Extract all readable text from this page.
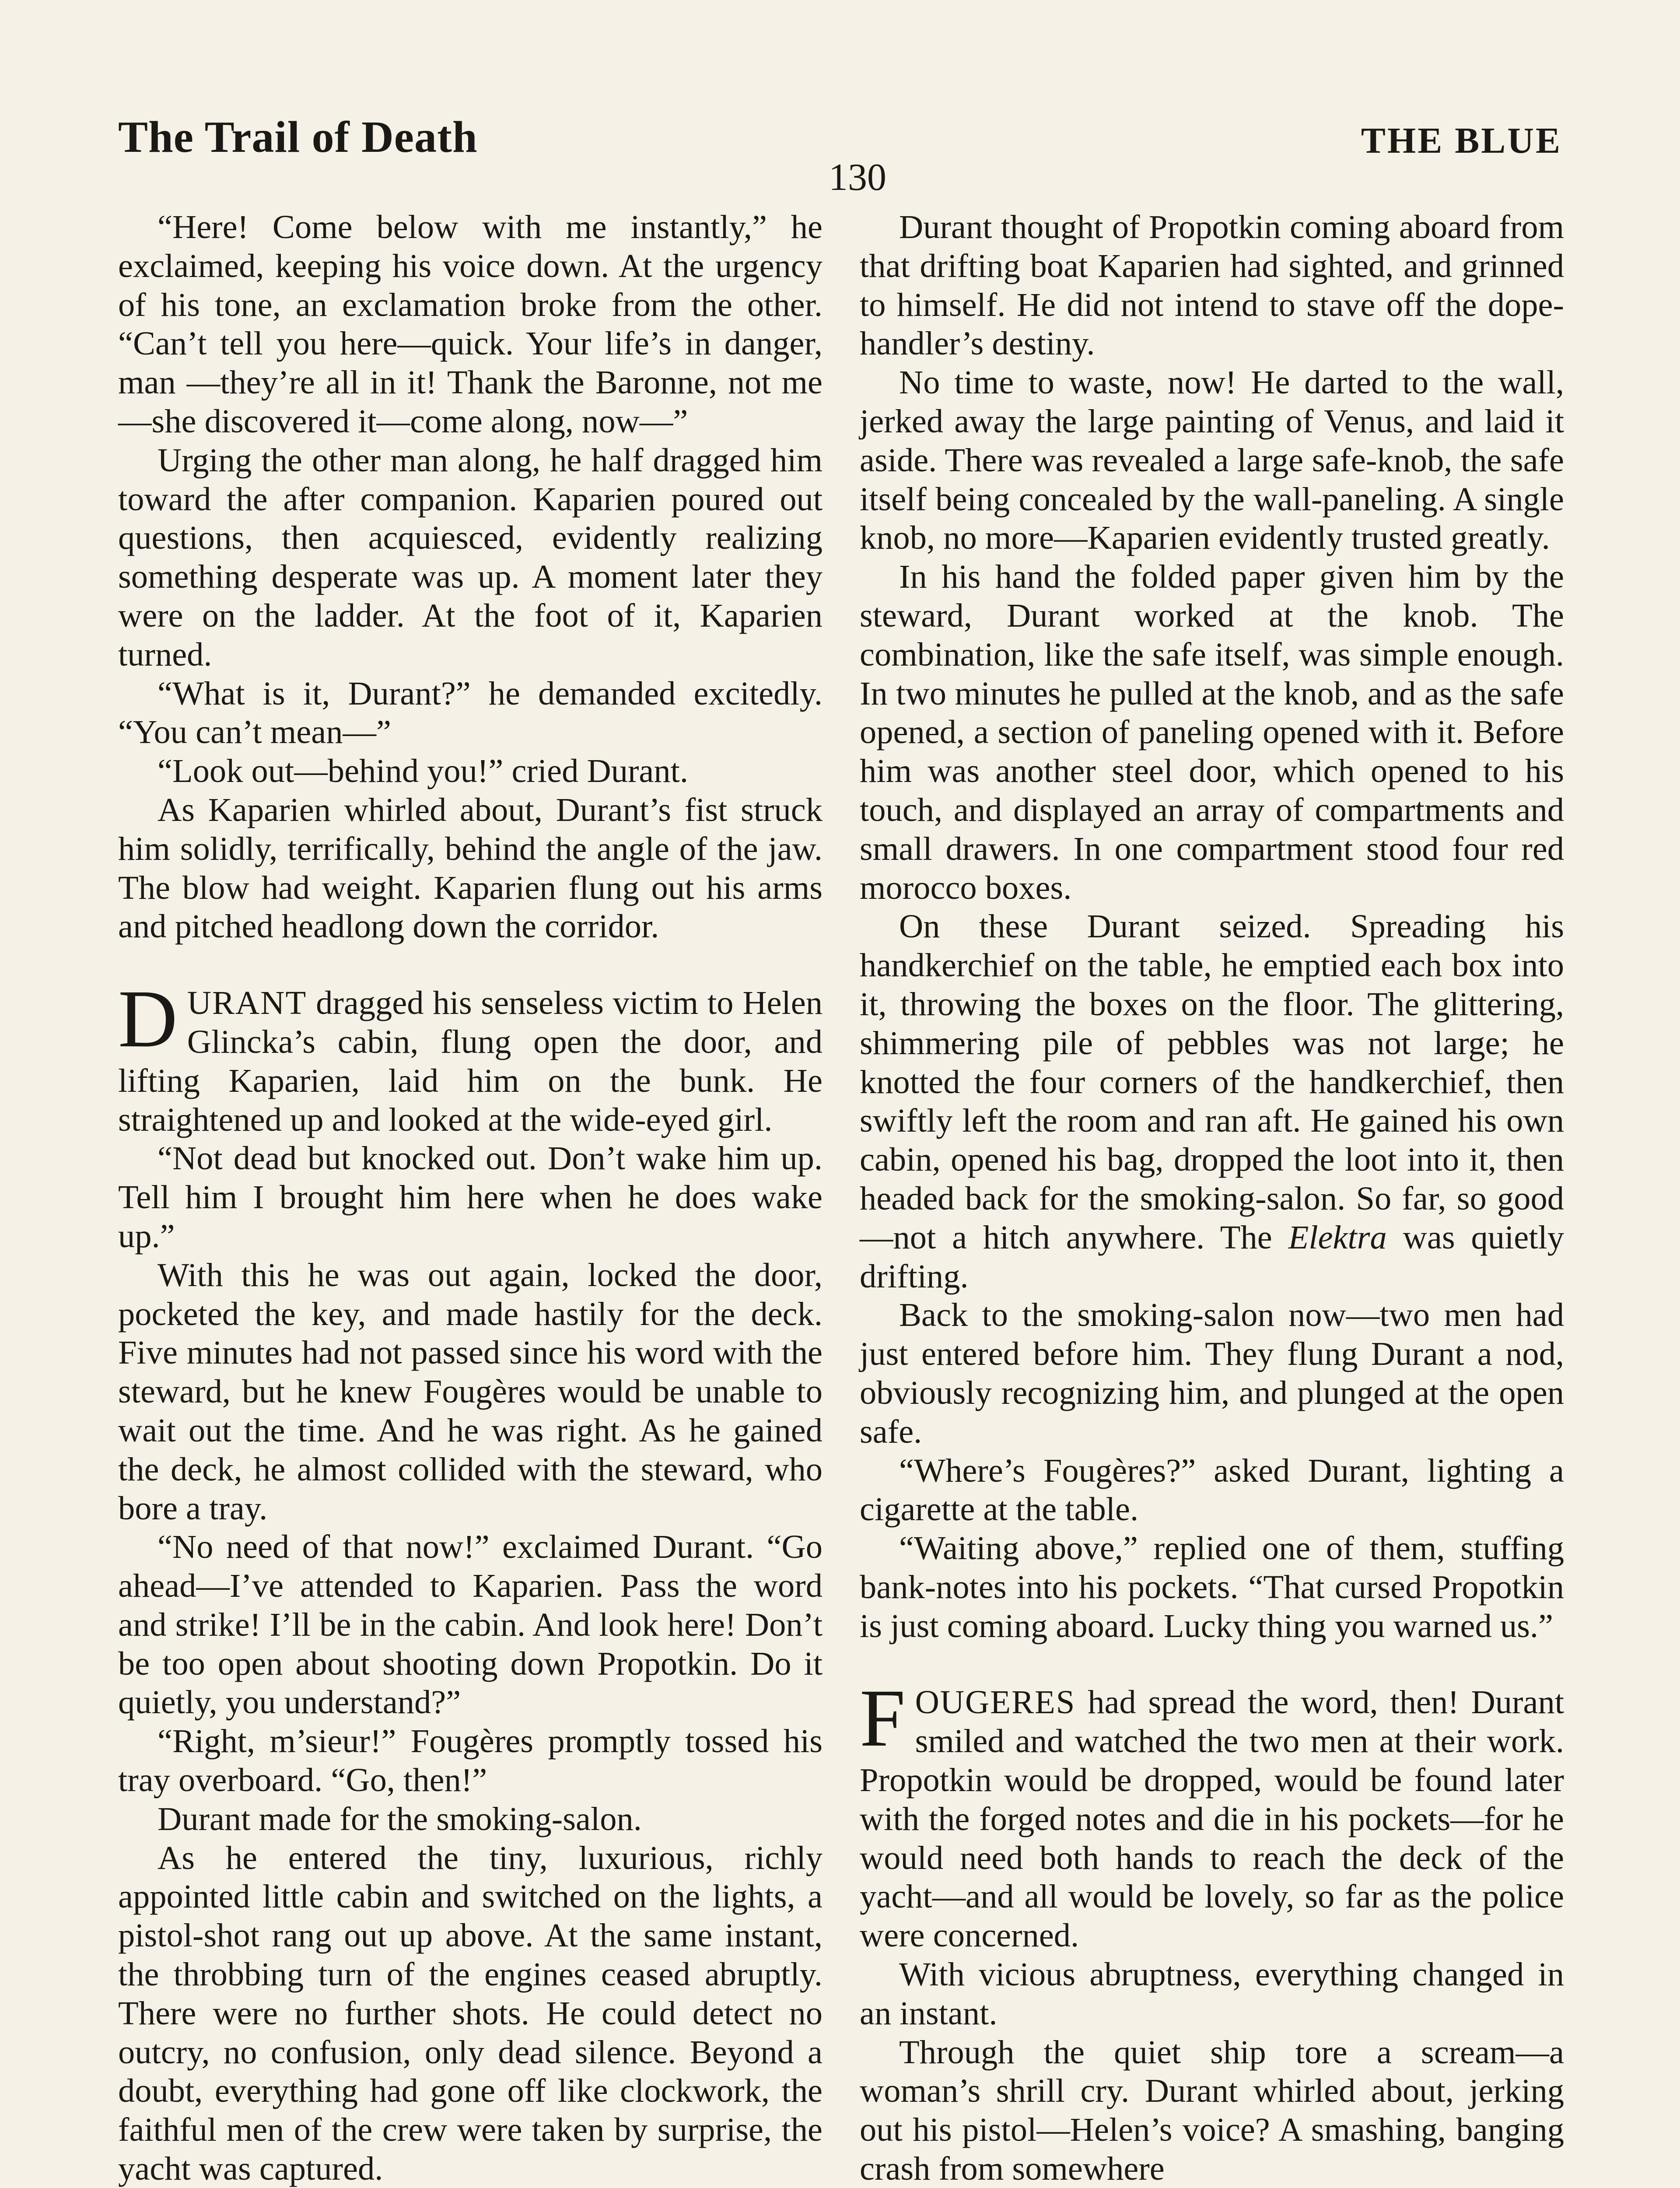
The Trail of Death	THE BLUE
130

“Here! Come below with me instantly,” he exclaimed, keeping his voice down. At the urgency of his tone, an exclamation broke from the other. “Can’t tell you here—quick. Your life’s in danger, man —they’re all in it! Thank the Baronne, not me—she discovered it—come along, now—”

Urging the other man along, he half dragged him toward the after companion. Kaparien poured out questions, then acquiesced, evidently realizing something desperate was up. A moment later they were on the ladder. At the foot of it, Kaparien turned.

“What is it, Durant?” he demanded excitedly. “You can’t mean—”

“Look out—behind you!” cried Durant.

As Kaparien whirled about, Durant’s fist struck him solidly, terrifically, behind the angle of the jaw. The blow had weight. Kaparien flung out his arms and pitched headlong down the corridor.

DURANT dragged his senseless victim to Helen Glincka’s cabin, flung open the door, and lifting Kaparien, laid him on the bunk. He straightened up and looked at the wide-eyed girl.

“Not dead but knocked out. Don’t wake him up. Tell him I brought him here when he does wake up.”

With this he was out again, locked the door, pocketed the key, and made hastily for the deck. Five minutes had not passed since his word with the steward, but he knew Fougères would be unable to wait out the time. And he was right. As he gained the deck, he almost collided with the steward, who bore a tray.

“No need of that now!” exclaimed Durant. “Go ahead—I’ve attended to Kaparien. Pass the word and strike! I’ll be in the cabin. And look here! Don’t be too open about shooting down Propotkin. Do it quietly, you understand?”

“Right, m’sieur!” Fougères promptly tossed his tray overboard. “Go, then!”

Durant made for the smoking-salon.

As he entered the tiny, luxurious, richly appointed little cabin and switched on the lights, a pistol-shot rang out up above. At the same instant, the throbbing turn of the engines ceased abruptly. There were no further shots. He could detect no outcry, no confusion, only dead silence. Beyond a doubt, everything had gone off like clockwork, the faithful men of the crew were taken by surprise, the yacht was captured.

Durant thought of Propotkin coming aboard from that drifting boat Kaparien had sighted, and grinned to himself. He did not intend to stave off the dope-handler’s destiny.

No time to waste, now! He darted to the wall, jerked away the large painting of Venus, and laid it aside. There was revealed a large safe-knob, the safe itself being concealed by the wall-paneling. A single knob, no more—Kaparien evidently trusted greatly.

In his hand the folded paper given him by the steward, Durant worked at the knob. The combination, like the safe itself, was simple enough. In two minutes he pulled at the knob, and as the safe opened, a section of paneling opened with it. Before him was another steel door, which opened to his touch, and displayed an array of compartments and small drawers. In one compartment stood four red morocco boxes.

On these Durant seized. Spreading his handkerchief on the table, he emptied each box into it, throwing the boxes on the floor. The glittering, shimmering pile of pebbles was not large; he knotted the four corners of the handkerchief, then swiftly left the room and ran aft. He gained his own cabin, opened his bag, dropped the loot into it, then headed back for the smoking-salon. So far, so good—not a hitch anywhere. The Elektra was quietly drifting.

Back to the smoking-salon now—two men had just entered before him. They flung Durant a nod, obviously recognizing him, and plunged at the open safe.

“Where’s Fougères?” asked Durant, lighting a cigarette at the table.

“Waiting above,” replied one of them, stuffing bank-notes into his pockets. “That cursed Propotkin is just coming aboard. Lucky thing you warned us.”

FOUGERES had spread the word, then! Durant smiled and watched the two men at their work. Propotkin would be dropped, would be found later with the forged notes and die in his pockets—for he would need both hands to reach the deck of the yacht—and all would be lovely, so far as the police were concerned.

With vicious abruptness, everything changed in an instant.

Through the quiet ship tore a scream—a woman’s shrill cry. Durant whirled about, jerking out his pistol—Helen’s voice? A smashing, banging crash from somewhere
